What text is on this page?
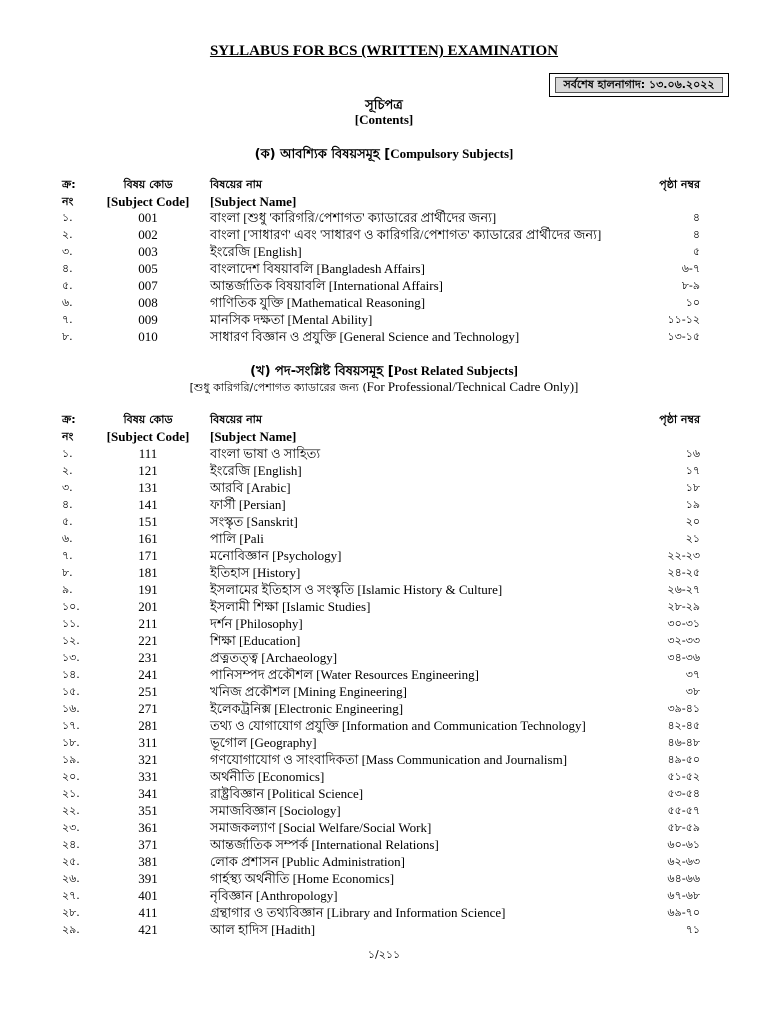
SYLLABUS FOR BCS (WRITTEN) EXAMINATION
সর্বশেষ হালনাগাদ: ১৩.০৬.২০২২
সূচিপত্র
[Contents]
(ক) আবশ্যিক বিষয়সমূহ [Compulsory Subjects]
ক্র:	বিষয় কোড	বিষয়ের নাম	পৃষ্ঠা নম্বর
নং	[Subject Code]	[Subject Name]
১.	001	বাংলা [শুধু 'কারিগরি/পেশাগত' ক্যাডারের প্রার্থীদের জন্য]	৪
২.	002	বাংলা ['সাধারণ' এবং 'সাধারণ ও কারিগরি/পেশাগত' ক্যাডারের প্রার্থীদের জন্য]	৪
৩.	003	ইংরেজি [English]	৫
৪.	005	বাংলাদেশ বিষয়াবলি [Bangladesh Affairs]	৬-৭
৫.	007	আন্তর্জাতিক বিষয়াবলি [International Affairs]	৮-৯
৬.	008	গাণিতিক যুক্তি [Mathematical Reasoning]	১০
৭.	009	মানসিক দক্ষতা [Mental Ability]	১১-১২
৮.	010	সাধারণ বিজ্ঞান ও প্রযুক্তি [General Science and Technology]	১৩-১৫
(খ) পদ-সংশ্লিষ্ট বিষয়সমূহ [Post Related Subjects]
[শুধু কারিগরি/পেশাগত ক্যাডারের জন্য (For Professional/Technical Cadre Only)]
ক্র:	বিষয় কোড	বিষয়ের নাম	পৃষ্ঠা নম্বর
নং	[Subject Code]	[Subject Name]
১.	111	বাংলা ভাষা ও সাহিত্য	১৬
২.	121	ইংরেজি [English]	১৭
৩.	131	আরবি [Arabic]	১৮
৪.	141	ফার্সী [Persian]	১৯
৫.	151	সংস্কৃত [Sanskrit]	২০
৬.	161	পালি [Pali	২১
৭.	171	মনোবিজ্ঞান [Psychology]	২২-২৩
৮.	181	ইতিহাস [History]	২৪-২৫
৯.	191	ইসলামের ইতিহাস ও সংস্কৃতি [Islamic History & Culture]	২৬-২৭
১০.	201	ইসলামী শিক্ষা [Islamic Studies]	২৮-২৯
১১.	211	দর্শন [Philosophy]	৩০-৩১
১২.	221	শিক্ষা [Education]	৩২-৩৩
১৩.	231	প্রত্নতত্ত্ব [Archaeology]	৩৪-৩৬
১৪.	241	পানিসম্পদ প্রকৌশল [Water Resources Engineering]	৩৭
১৫.	251	খনিজ প্রকৌশল [Mining Engineering]	৩৮
১৬.	271	ইলেকট্রনিক্স [Electronic Engineering]	৩৯-৪১
১৭.	281	তথ্য ও যোগাযোগ প্রযুক্তি [Information and Communication Technology]	৪২-৪৫
১৮.	311	ভূগোল [Geography]	৪৬-৪৮
১৯.	321	গণযোগাযোগ ও সাংবাদিকতা [Mass Communication and Journalism]	৪৯-৫০
২০.	331	অর্থনীতি [Economics]	৫১-৫২
২১.	341	রাষ্ট্রবিজ্ঞান [Political Science]	৫৩-৫৪
২২.	351	সমাজবিজ্ঞান [Sociology]	৫৫-৫৭
২৩.	361	সমাজকল্যাণ [Social Welfare/Social Work]	৫৮-৫৯
২৪.	371	আন্তর্জাতিক সম্পর্ক [International Relations]	৬০-৬১
২৫.	381	লোক প্রশাসন [Public Administration]	৬২-৬৩
২৬.	391	গার্হস্থ্য অর্থনীতি [Home Economics]	৬৪-৬৬
২৭.	401	নৃবিজ্ঞান [Anthropology]	৬৭-৬৮
২৮.	411	গ্রন্থাগার ও তথ্যবিজ্ঞান [Library and Information Science]	৬৯-৭০
২৯.	421	আল হাদিস [Hadith]	৭১
১/২১১
